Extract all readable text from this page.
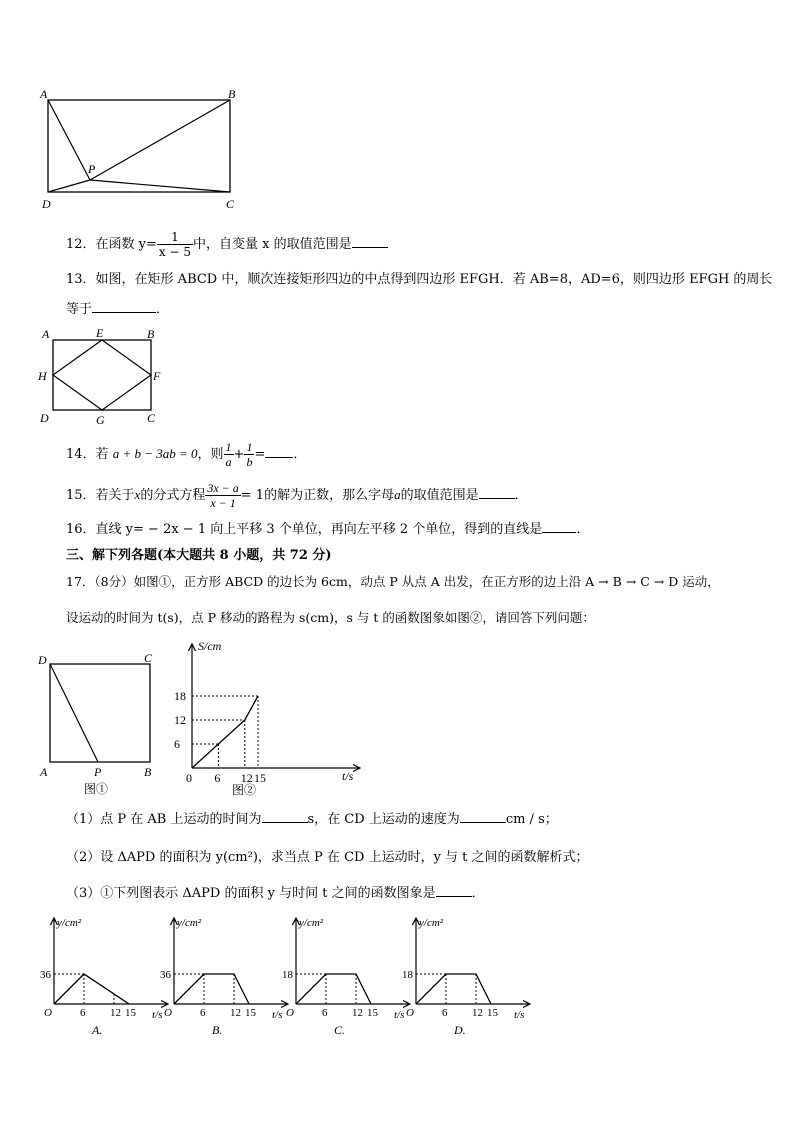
A	B
P
D	C
12．在函数 $y= \frac{1}{x - 5}$ 中，自变量 x 的取值范围是
13．如图，在矩形 ABCD 中，顺次连接矩形四边的中点得到四边形 EFGH．若 AB=8，AD=6，则四边形 EFGH 的周长
等于	．
A	E	B
H	F
D	G	C
14．若 a + b − 3ab = 0，则 $\frac{1}{a} + \frac{1}{b}$ = ．
15．若关于x的分式方程 $\frac{3x - a}{x - 1} = 1$的解为正数，那么字母a的取值范围是	．
16．直线 y= − 2x − 1 向上平移 3 个单位，再向左平移 2 个单位，得到的直线是	．
三、解下列各题(本大题共 8 小题，共 72 分)
17．（8分）如图①，正方形 ABCD 的边长为 6cm，动点 P 从点 A 出发，在正方形的边上沿 A → B → C → D 运动，
设运动的时间为 t(s)，点 P 移动的路程为 s(cm)，s 与 t 的函数图象如图②，请回答下列问题：
D	C
A	P	B
图①
6 12 15
18
12
6
S/cm
t/s
0
图②
（1）点 P 在 AB 上运动的时间为	s，在 CD 上运动的速度为	cm / s；
（2）设 ΔAPD 的面积为 y(cm²)，求当点 P 在 CD 上运动时，y 与 t 之间的函数解析式；
（3）①下列图表示 ΔAPD 的面积 y 与时间 t 之间的函数图象是	．
y/cm²
36
O	6 12 15 t/s
A.
y/cm²
36
O	6 12 15 t/s
B.
y/cm²
18
O	6 12 15 t/s
C.
y/cm²
18
O	6 12 15 t/s
D.
